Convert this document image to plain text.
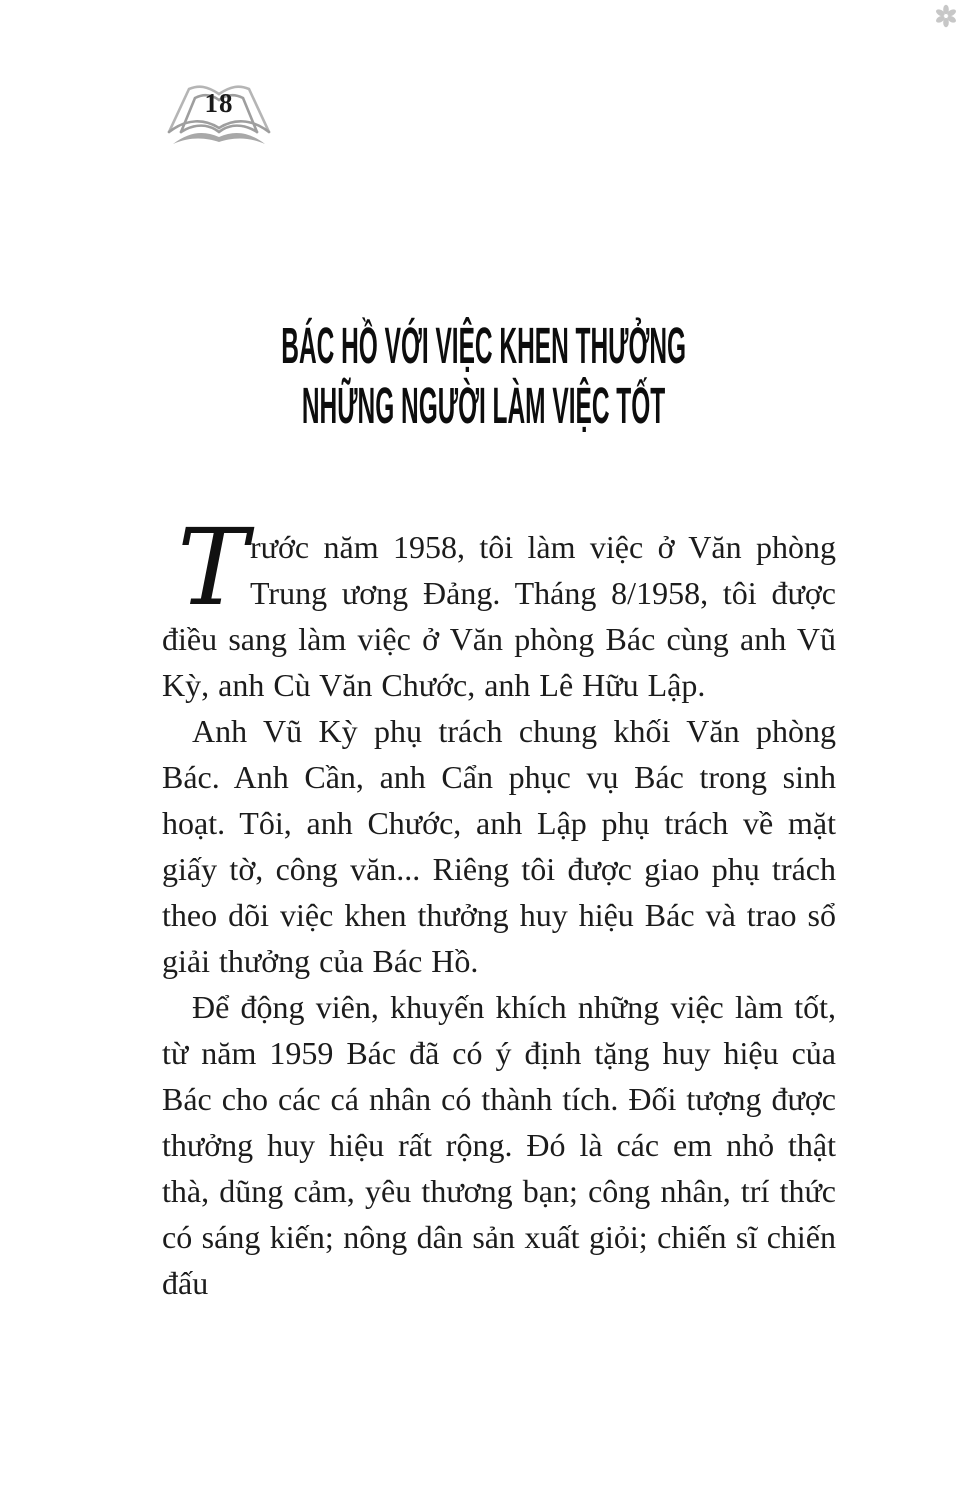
18
BÁC HỒ VỚI VIỆC KHEN THƯỞNG
NHỮNG NGƯỜI LÀM VIỆC TỐT

T rước năm 1958, tôi làm việc ở Văn phòng Trung ương Đảng. Tháng 8/1958, tôi được điều sang làm việc ở Văn phòng Bác cùng anh Vũ Kỳ, anh Cù Văn Chước, anh Lê Hữu Lập.

Anh Vũ Kỳ phụ trách chung khối Văn phòng Bác. Anh Cần, anh Cẩn phục vụ Bác trong sinh hoạt. Tôi, anh Chước, anh Lập phụ trách về mặt giấy tờ, công văn... Riêng tôi được giao phụ trách theo dõi việc khen thưởng huy hiệu Bác và trao sổ giải thưởng của Bác Hồ.

Để động viên, khuyến khích những việc làm tốt, từ năm 1959 Bác đã có ý định tặng huy hiệu của Bác cho các cá nhân có thành tích. Đối tượng được thưởng huy hiệu rất rộng. Đó là các em nhỏ thật thà, dũng cảm, yêu thương bạn; công nhân, trí thức có sáng kiến; nông dân sản xuất giỏi; chiến sĩ chiến đấu
